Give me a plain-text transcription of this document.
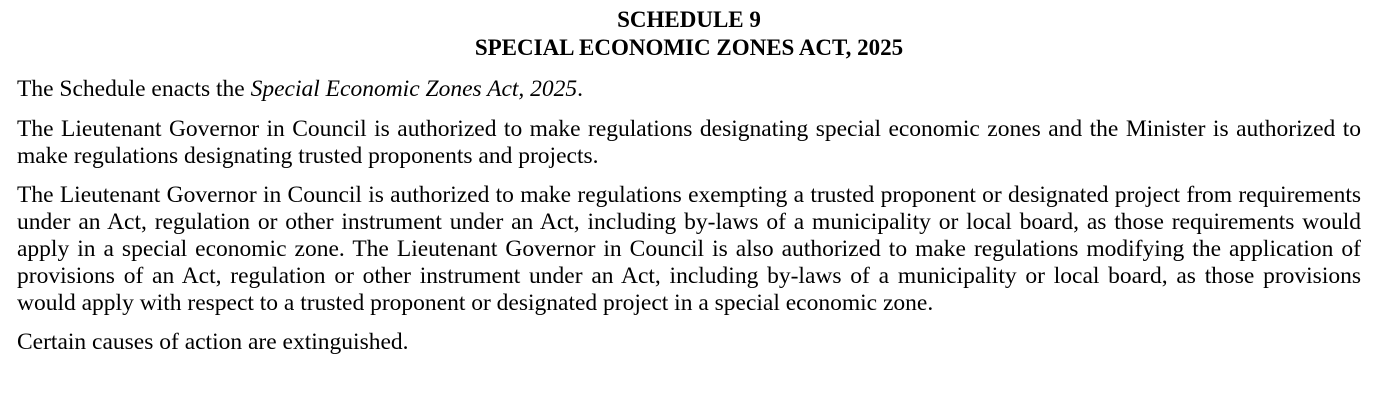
SCHEDULE 9
SPECIAL ECONOMIC ZONES ACT, 2025

The Schedule enacts the Special Economic Zones Act, 2025.

The Lieutenant Governor in Council is authorized to make regulations designating special economic zones and the Minister is authorized to make regulations designating trusted proponents and projects.

The Lieutenant Governor in Council is authorized to make regulations exempting a trusted proponent or designated project from requirements under an Act, regulation or other instrument under an Act, including by-laws of a municipality or local board, as those requirements would apply in a special economic zone. The Lieutenant Governor in Council is also authorized to make regulations modifying the application of provisions of an Act, regulation or other instrument under an Act, including by-laws of a municipality or local board, as those provisions would apply with respect to a trusted proponent or designated project in a special economic zone.

Certain causes of action are extinguished.
